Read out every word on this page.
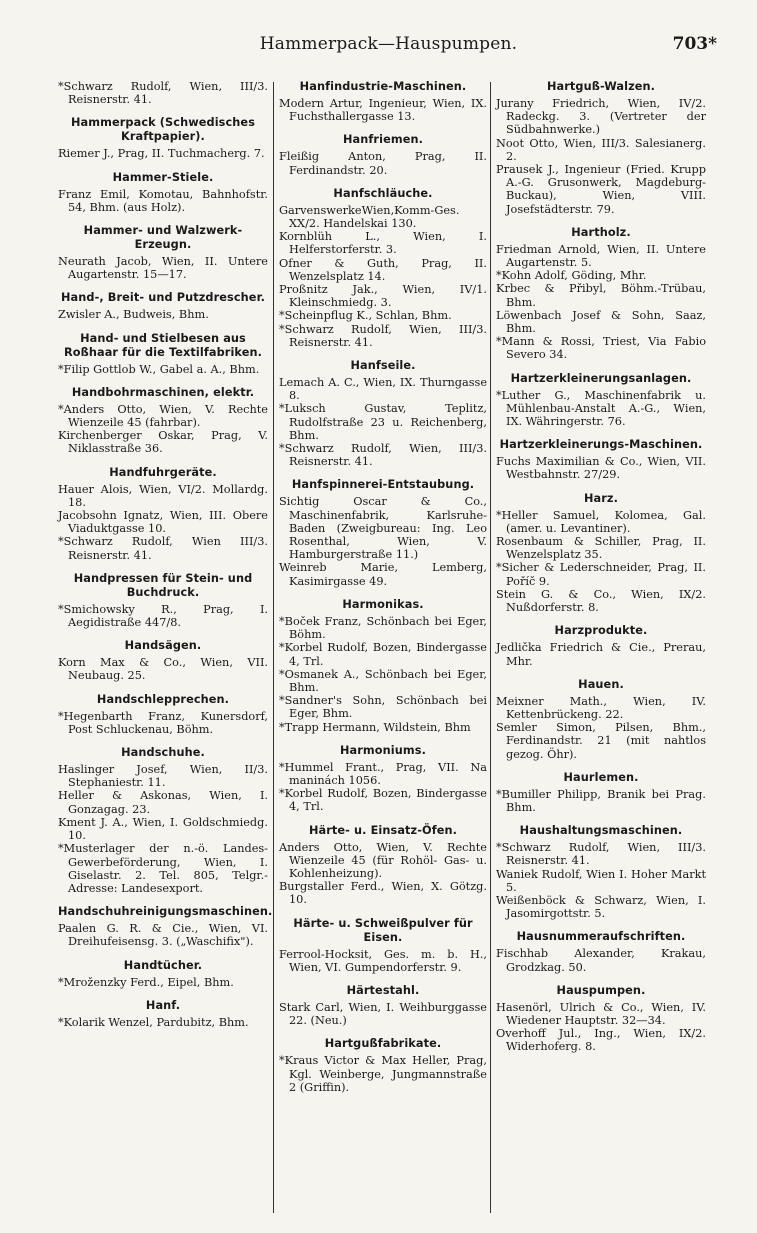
Hammerpack—Hauspumpen.	703*

*Schwarz Rudolf, Wien, III/3. Reisnerstr. 41.

Hammerpack (Schwedisches Kraftpapier).

Riemer J., Prag, II. Tuchmacherg. 7.

Hammer-Stiele.

Franz Emil, Komotau, Bahnhofstr. 54, Bhm. (aus Holz).

Hammer- und Walzwerk-Erzeugn.

Neurath Jacob, Wien, II. Untere Augartenstr. 15—17.

Hand-, Breit- und Putzdrescher.

Zwisler A., Budweis, Bhm.

Hand- und Stielbesen aus Roßhaar für die Textilfabriken.

*Filip Gottlob W., Gabel a. A., Bhm.

Handbohrmaschinen, elektr.

*Anders Otto, Wien, V. Rechte Wienzeile 45 (fahrbar).

Kirchenberger Oskar, Prag, V. Niklasstraße 36.

Handfuhrgeräte.

Hauer Alois, Wien, VI/2. Mollardg. 18.

Jacobsohn Ignatz, Wien, III. Obere Viaduktgasse 10.

*Schwarz Rudolf, Wien III/3. Reisnerstr. 41.

Handpressen für Stein- und Buchdruck.

*Smichowsky R., Prag, I. Aegidistraße 447/8.

Handsägen.

Korn Max & Co., Wien, VII. Neubaug. 25.

Handschlepprechen.

*Hegenbarth Franz, Kunersdorf, Post Schluckenau, Böhm.

Handschuhe.

Haslinger Josef, Wien, II/3. Stephaniestr. 11.

Heller & Askonas, Wien, I. Gonzagag. 23.

Kment J. A., Wien, I. Goldschmiedg. 10.

*Musterlager der n.-ö. Landes-Gewerbeförderung, Wien, I. Giselastr. 2. Tel. 805, Telgr.-Adresse: Landesexport.

Handschuhreinigungsmaschinen.

Paalen G. R. & Cie., Wien, VI. Dreihufeisensg. 3. („Waschifix").

Handtücher.

*Mroženzky Ferd., Eipel, Bhm.

Hanf.

*Kolarik Wenzel, Pardubitz, Bhm.

Hanfindustrie-Maschinen.

Modern Artur, Ingenieur, Wien, IX. Fuchsthallergasse 13.

Hanfriemen.

Fleißig Anton, Prag, II. Ferdinandstr. 20.

Hanfschläuche.

GarvenswerkeWien,Komm-Ges. XX/2. Handelskai 130.

Kornblüh L., Wien, I. Helferstorferstr. 3.

Ofner & Guth, Prag, II. Wenzelsplatz 14.

Proßnitz Jak., Wien, IV/1. Kleinschmiedg. 3.

*Scheinpflug K., Schlan, Bhm.

*Schwarz Rudolf, Wien, III/3. Reisnerstr. 41.

Hanfseile.

Lemach A. C., Wien, IX. Thurngasse 8.

*Luksch Gustav, Teplitz, Rudolfstraße 23 u. Reichenberg, Bhm.

*Schwarz Rudolf, Wien, III/3. Reisnerstr. 41.

Hanfspinnerei-Entstaubung.

Sichtig Oscar & Co., Maschinenfabrik, Karlsruhe-Baden (Zweigbureau: Ing. Leo Rosenthal, Wien, V. Hamburgerstraße 11.)

Weinreb Marie, Lemberg, Kasimirgasse 49.

Harmonikas.

*Boček Franz, Schönbach bei Eger, Böhm.

*Korbel Rudolf, Bozen, Bindergasse 4, Trl.

*Osmanek A., Schönbach bei Eger, Bhm.

*Sandner's Sohn, Schönbach bei Eger, Bhm.

*Trapp Hermann, Wildstein, Bhm

Harmoniums.

*Hummel Frant., Prag, VII. Na maninách 1056.

*Korbel Rudolf, Bozen, Bindergasse 4, Trl.

Härte- u. Einsatz-Öfen.

Anders Otto, Wien, V. Rechte Wienzeile 45 (für Rohöl- Gas- u. Kohlenheizung).

Burgstaller Ferd., Wien, X. Götzg. 10.

Härte- u. Schweißpulver für Eisen.

Ferrool-Hocksit, Ges. m. b. H., Wien, VI. Gumpendorferstr. 9.

Härtestahl.

Stark Carl, Wien, I. Weihburggasse 22. (Neu.)

Hartgußfabrikate.

*Kraus Victor & Max Heller, Prag, Kgl. Weinberge, Jungmannstraße 2 (Griffin).

Hartguß-Walzen.

Jurany Friedrich, Wien, IV/2. Radeckg. 3. (Vertreter der Südbahnwerke.)

Noot Otto, Wien, III/3. Salesianerg. 2.

Prausek J., Ingenieur (Fried. Krupp A.-G. Grusonwerk, Magdeburg-Buckau), Wien, VIII. Josefstädterstr. 79.

Hartholz.

Friedman Arnold, Wien, II. Untere Augartenstr. 5.

*Kohn Adolf, Göding, Mhr.

Krbec & Přibyl, Böhm.-Trübau, Bhm.

Löwenbach Josef & Sohn, Saaz, Bhm.

*Mann & Rossi, Triest, Via Fabio Severo 34.

Hartzerkleinerungsanlagen.

*Luther G., Maschinenfabrik u. Mühlenbau-Anstalt A.-G., Wien, IX. Währingerstr. 76.

Hartzerkleinerungs-Maschinen.

Fuchs Maximilian & Co., Wien, VII. Westbahnstr. 27/29.

Harz.

*Heller Samuel, Kolomea, Gal. (amer. u. Levantiner).

Rosenbaum & Schiller, Prag, II. Wenzelsplatz 35.

*Sicher & Lederschneider, Prag, II. Poříč 9.

Stein G. & Co., Wien, IX/2. Nußdorferstr. 8.

Harzprodukte.

Jedlička Friedrich & Cie., Prerau, Mhr.

Hauen.

Meixner Math., Wien, IV. Kettenbrückeng. 22.

Semler Simon, Pilsen, Bhm., Ferdinandstr. 21 (mit nahtlos gezog. Öhr).

Haurlemen.

*Bumiller Philipp, Branik bei Prag. Bhm.

Haushaltungsmaschinen.

*Schwarz Rudolf, Wien, III/3. Reisnerstr. 41.

Waniek Rudolf, Wien I. Hoher Markt 5.

Weißenböck & Schwarz, Wien, I. Jasomirgottstr. 5.

Hausnummeraufschriften.

Fischhab Alexander, Krakau, Grodzkag. 50.

Hauspumpen.

Hasenörl, Ulrich & Co., Wien, IV. Wiedener Hauptstr. 32—34.

Overhoff Jul., Ing., Wien, IX/2. Widerhoferg. 8.
